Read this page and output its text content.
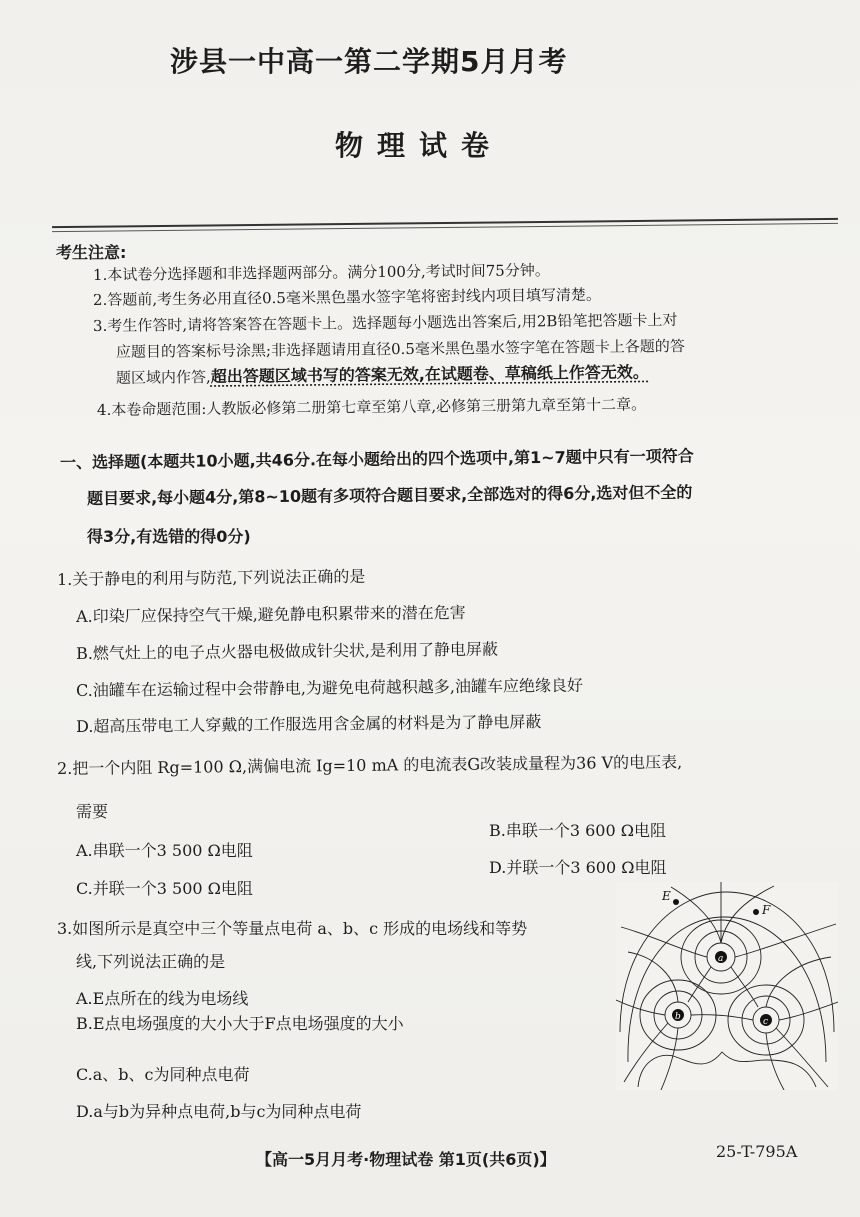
涉县一中高一第二学期5月月考
物理试卷
考生注意:
1.本试卷分选择题和非选择题两部分。满分100分,考试时间75分钟。
2.答题前,考生务必用直径0.5毫米黑色墨水签字笔将密封线内项目填写清楚。
3.考生作答时,请将答案答在答题卡上。选择题每小题选出答案后,用2B铅笔把答题卡上对
应题目的答案标号涂黑;非选择题请用直径0.5毫米黑色墨水签字笔在答题卡上各题的答
题区域内作答,超出答题区域书写的答案无效,在试题卷、草稿纸上作答无效。
4.本卷命题范围:人教版必修第二册第七章至第八章,必修第三册第九章至第十二章。
一、选择题(本题共10小题,共46分.在每小题给出的四个选项中,第1~7题中只有一项符合
题目要求,每小题4分,第8~10题有多项符合题目要求,全部选对的得6分,选对但不全的
得3分,有选错的得0分)
1.关于静电的利用与防范,下列说法正确的是
A.印染厂应保持空气干燥,避免静电积累带来的潜在危害
B.燃气灶上的电子点火器电极做成针尖状,是利用了静电屏蔽
C.油罐车在运输过程中会带静电,为避免电荷越积越多,油罐车应绝缘良好
D.超高压带电工人穿戴的工作服选用含金属的材料是为了静电屏蔽
2.把一个内阻 Rg=100 Ω,满偏电流 Ig=10 mA 的电流表G改装成量程为36 V的电压表,
需要
A.串联一个3 500 Ω电阻
B.串联一个3 600 Ω电阻
C.并联一个3 500 Ω电阻
D.并联一个3 600 Ω电阻
3.如图所示是真空中三个等量点电荷 a、b、c 形成的电场线和等势
线,下列说法正确的是
A.E点所在的线为电场线
B.E点电场强度的大小大于F点电场强度的大小
C.a、b、c为同种点电荷
D.a与b为异种点电荷,b与c为同种点电荷
a
b	c
E
F
【高一5月月考·物理试卷 第1页(共6页)】	25-T-795A
